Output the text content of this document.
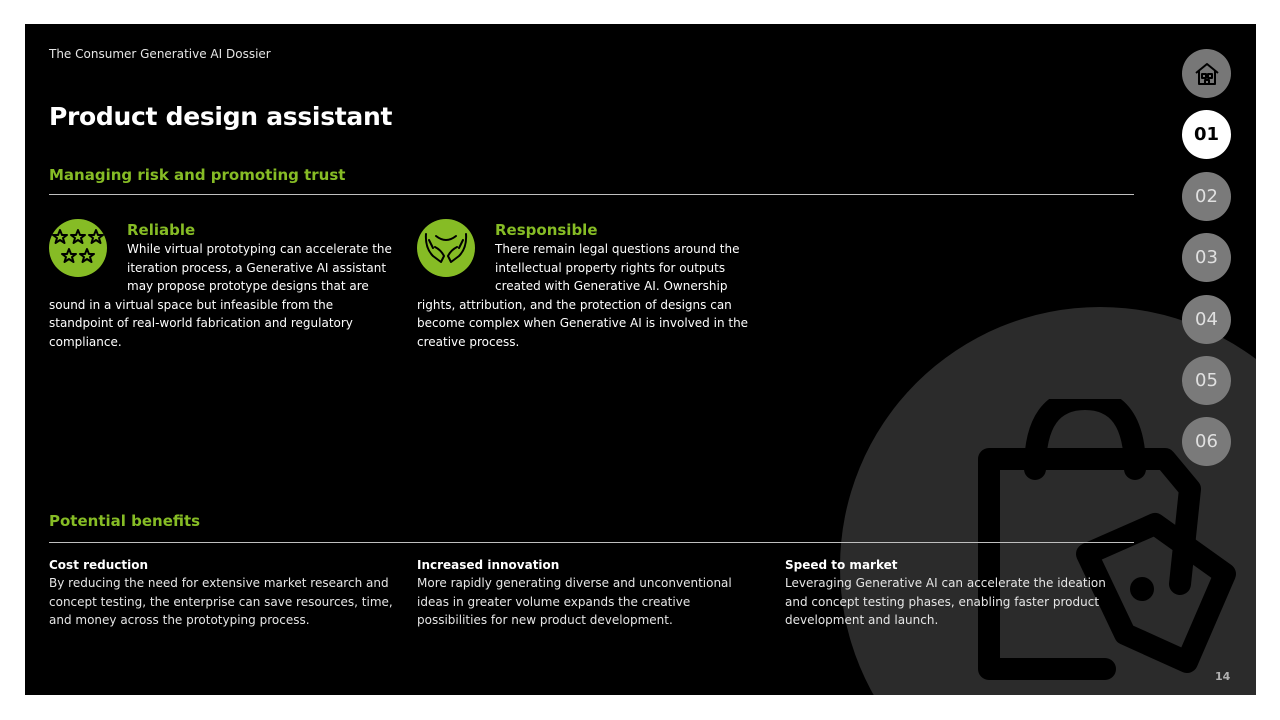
The Consumer Generative AI Dossier
Product design assistant
Managing risk and promoting trust
Reliable
While virtual prototyping can accelerate the iteration process, a Generative AI assistant may propose prototype designs that are sound in a virtual space but infeasible from the standpoint of real-world fabrication and regulatory compliance.
Responsible
There remain legal questions around the intellectual property rights for outputs created with Generative AI. Ownership rights, attribution, and the protection of designs can become complex when Generative AI is involved in the creative process.
Potential benefits
Cost reduction
By reducing the need for extensive market research and concept testing, the enterprise can save resources, time, and money across the prototyping process.
Increased innovation
More rapidly generating diverse and unconventional ideas in greater volume expands the creative possibilities for new product development.
Speed to market
Leveraging Generative AI can accelerate the ideation and concept testing phases, enabling faster product development and launch.
01
02
03
04
05
06
14
